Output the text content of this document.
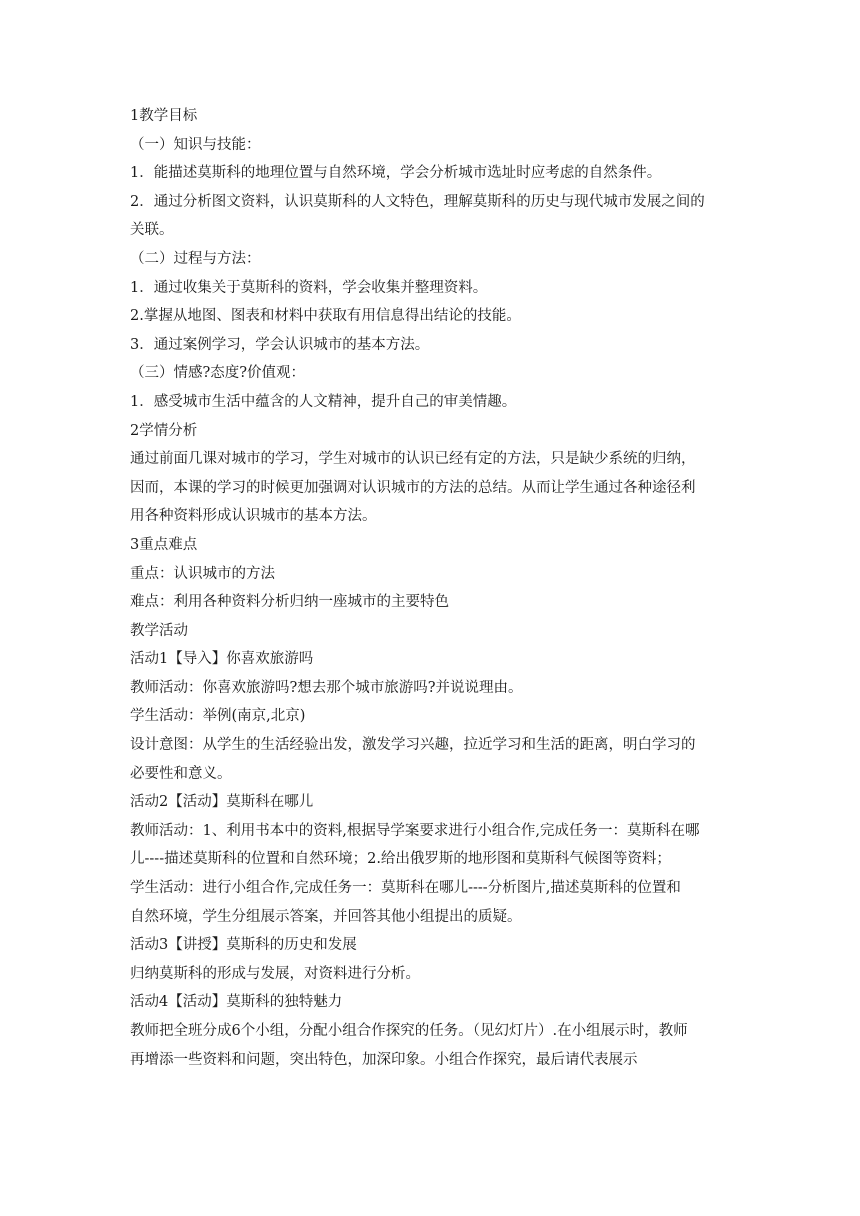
1教学目标
（一）知识与技能：
1．能描述莫斯科的地理位置与自然环境，学会分析城市选址时应考虑的自然条件。
2．通过分析图文资料，认识莫斯科的人文特色，理解莫斯科的历史与现代城市发展之间的
关联。
（二）过程与方法：
1．通过收集关于莫斯科的资料，学会收集并整理资料。
2.掌握从地图、图表和材料中获取有用信息得出结论的技能。
3．通过案例学习，学会认识城市的基本方法。
（三）情感?态度?价值观：
1．感受城市生活中蕴含的人文精神，提升自己的审美情趣。
2学情分析
通过前面几课对城市的学习，学生对城市的认识已经有定的方法，只是缺少系统的归纳，
因而，本课的学习的时候更加强调对认识城市的方法的总结。从而让学生通过各种途径利
用各种资料形成认识城市的基本方法。
3重点难点
重点：认识城市的方法
难点：利用各种资料分析归纳一座城市的主要特色
教学活动
活动1【导入】你喜欢旅游吗
教师活动：你喜欢旅游吗?想去那个城市旅游吗?并说说理由。
学生活动：举例(南京,北京)
设计意图：从学生的生活经验出发，激发学习兴趣，拉近学习和生活的距离，明白学习的
必要性和意义。
活动2【活动】莫斯科在哪儿
教师活动：1、利用书本中的资料,根据导学案要求进行小组合作,完成任务一：莫斯科在哪
儿----描述莫斯科的位置和自然环境；2.给出俄罗斯的地形图和莫斯科气候图等资料；
学生活动：进行小组合作,完成任务一：莫斯科在哪儿----分析图片,描述莫斯科的位置和
自然环境，学生分组展示答案，并回答其他小组提出的质疑。
活动3【讲授】莫斯科的历史和发展
归纳莫斯科的形成与发展，对资料进行分析。
活动4【活动】莫斯科的独特魅力
教师把全班分成6个小组，分配小组合作探究的任务。（见幻灯片）.在小组展示时，教师
再增添一些资料和问题，突出特色，加深印象。小组合作探究，最后请代表展示
